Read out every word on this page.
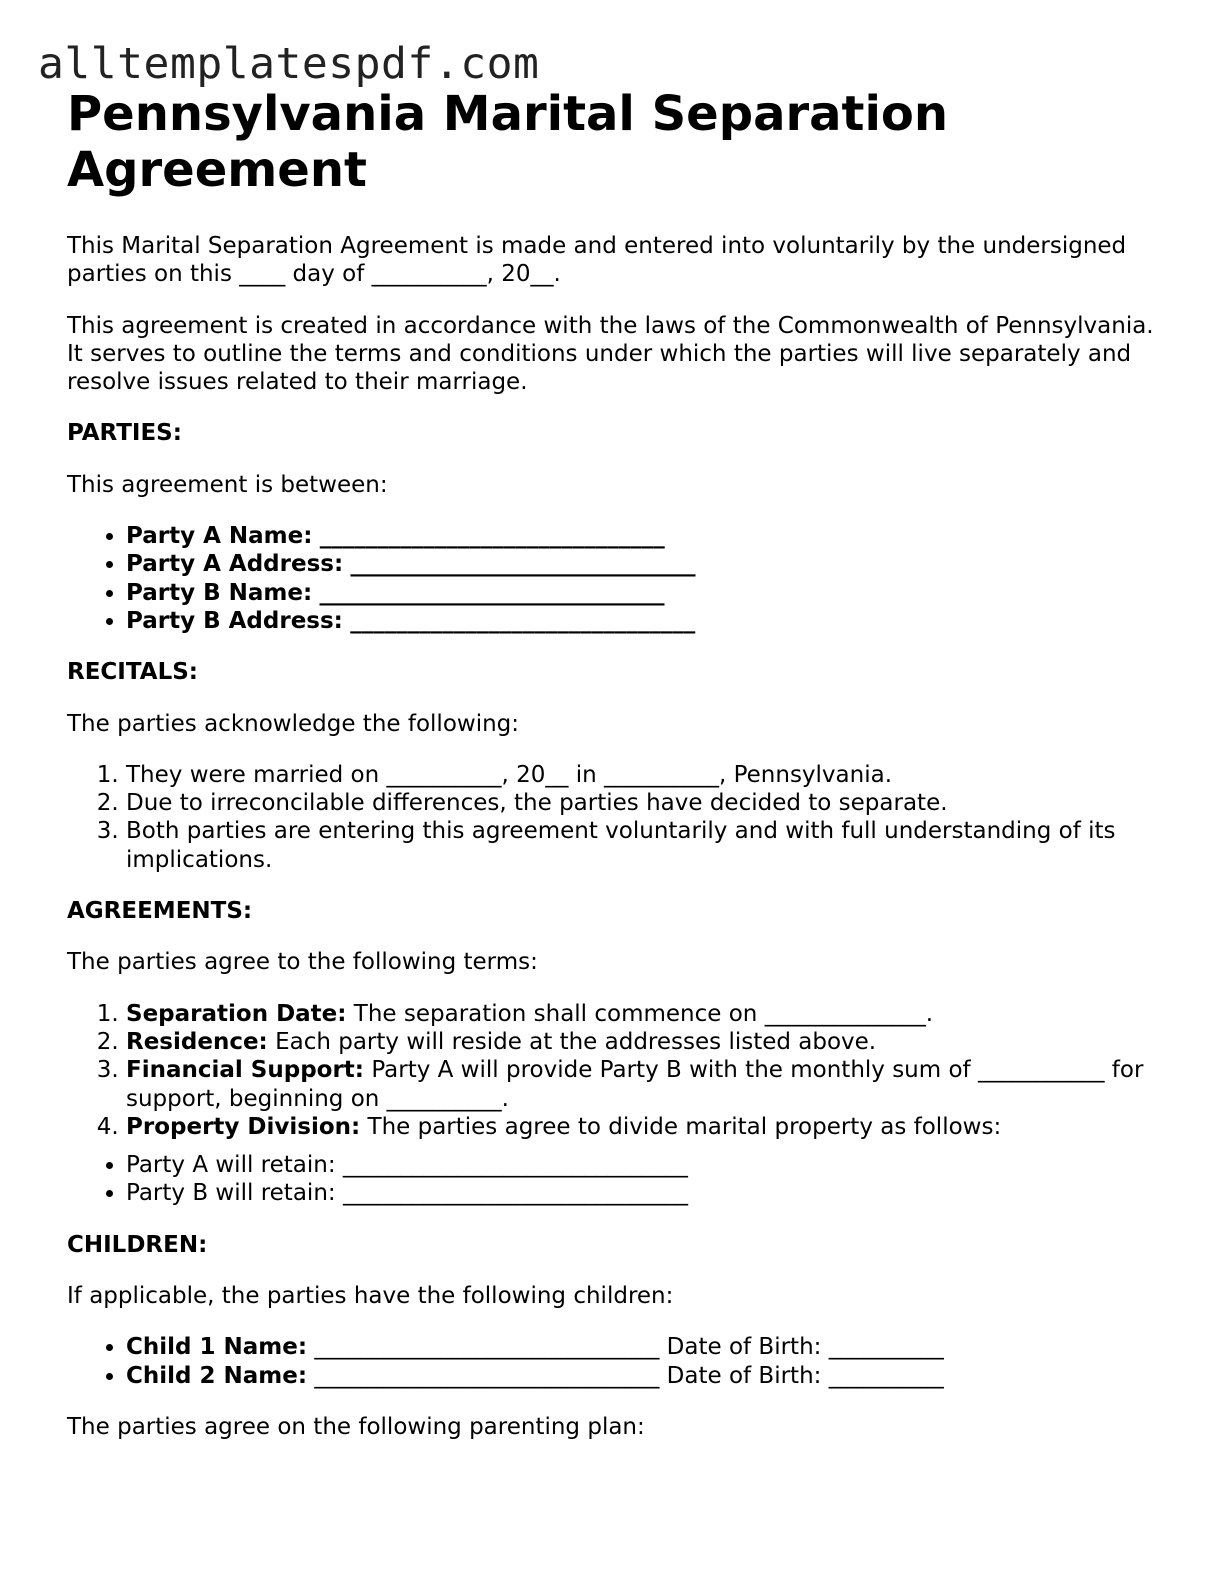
alltemplatespdf.com
Pennsylvania Marital Separation Agreement

This Marital Separation Agreement is made and entered into voluntarily by the undersigned parties on this ____ day of __________, 20__.

This agreement is created in accordance with the laws of the Commonwealth of Pennsylvania. It serves to outline the terms and conditions under which the parties will live separately and resolve issues related to their marriage.

PARTIES:

This agreement is between:

• Party A Name: ______________________________
• Party A Address: ______________________________
• Party B Name: ______________________________
• Party B Address: ______________________________

RECITALS:

The parties acknowledge the following:

1. They were married on __________, 20__ in __________, Pennsylvania.
2. Due to irreconcilable differences, the parties have decided to separate.
3. Both parties are entering this agreement voluntarily and with full understanding of its implications.

AGREEMENTS:

The parties agree to the following terms:

1. Separation Date: The separation shall commence on ______________.
2. Residence: Each party will reside at the addresses listed above.
3. Financial Support: Party A will provide Party B with the monthly sum of ___________ for support, beginning on __________.
4. Property Division: The parties agree to divide marital property as follows:
• Party A will retain: ______________________________
• Party B will retain: ______________________________

CHILDREN:

If applicable, the parties have the following children:

• Child 1 Name: ______________________________ Date of Birth: __________
• Child 2 Name: ______________________________ Date of Birth: __________

The parties agree on the following parenting plan:
